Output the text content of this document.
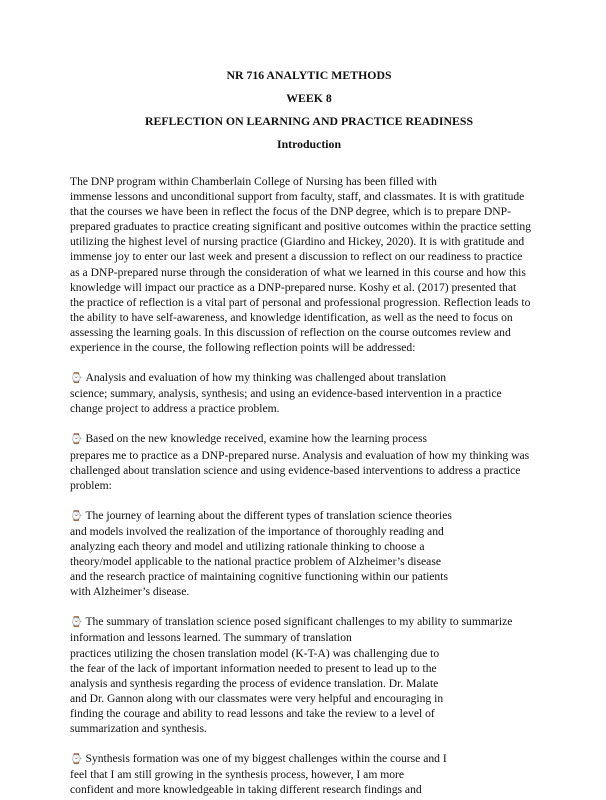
NR 716 ANALYTIC METHODS
WEEK 8
REFLECTION ON LEARNING AND PRACTICE READINESS
Introduction
The DNP program within Chamberlain College of Nursing has been filled with
immense lessons and unconditional support from faculty, staff, and classmates. It is with gratitude
that the courses we have been in reflect the focus of the DNP degree, which is to prepare DNP-
prepared graduates to practice creating significant and positive outcomes within the practice setting
utilizing the highest level of nursing practice (Giardino and Hickey, 2020). It is with gratitude and
immense joy to enter our last week and present a discussion to reflect on our readiness to practice
as a DNP-prepared nurse through the consideration of what we learned in this course and how this
knowledge will impact our practice as a DNP-prepared nurse. Koshy et al. (2017) presented that
the practice of reflection is a vital part of personal and professional progression. Reflection leads to
the ability to have self-awareness, and knowledge identification, as well as the need to focus on
assessing the learning goals. In this discussion of reflection on the course outcomes review and
experience in the course, the following reflection points will be addressed:
⌚ Analysis and evaluation of how my thinking was challenged about translation
science; summary, analysis, synthesis; and using an evidence-based intervention in a practice
change project to address a practice problem.
⌚ Based on the new knowledge received, examine how the learning process
prepares me to practice as a DNP-prepared nurse. Analysis and evaluation of how my thinking was
challenged about translation science and using evidence-based interventions to address a practice
problem:
⌚ The journey of learning about the different types of translation science theories
and models involved the realization of the importance of thoroughly reading and
analyzing each theory and model and utilizing rationale thinking to choose a
theory/model applicable to the national practice problem of Alzheimer’s disease
and the research practice of maintaining cognitive functioning within our patients
with Alzheimer’s disease.
⌚ The summary of translation science posed significant challenges to my ability to summarize
information and lessons learned. The summary of translation
practices utilizing the chosen translation model (K-T-A) was challenging due to
the fear of the lack of important information needed to present to lead up to the
analysis and synthesis regarding the process of evidence translation. Dr. Malate
and Dr. Gannon along with our classmates were very helpful and encouraging in
finding the courage and ability to read lessons and take the review to a level of
summarization and synthesis.
⌚ Synthesis formation was one of my biggest challenges within the course and I
feel that I am still growing in the synthesis process, however, I am more
confident and more knowledgeable in taking different research findings and
